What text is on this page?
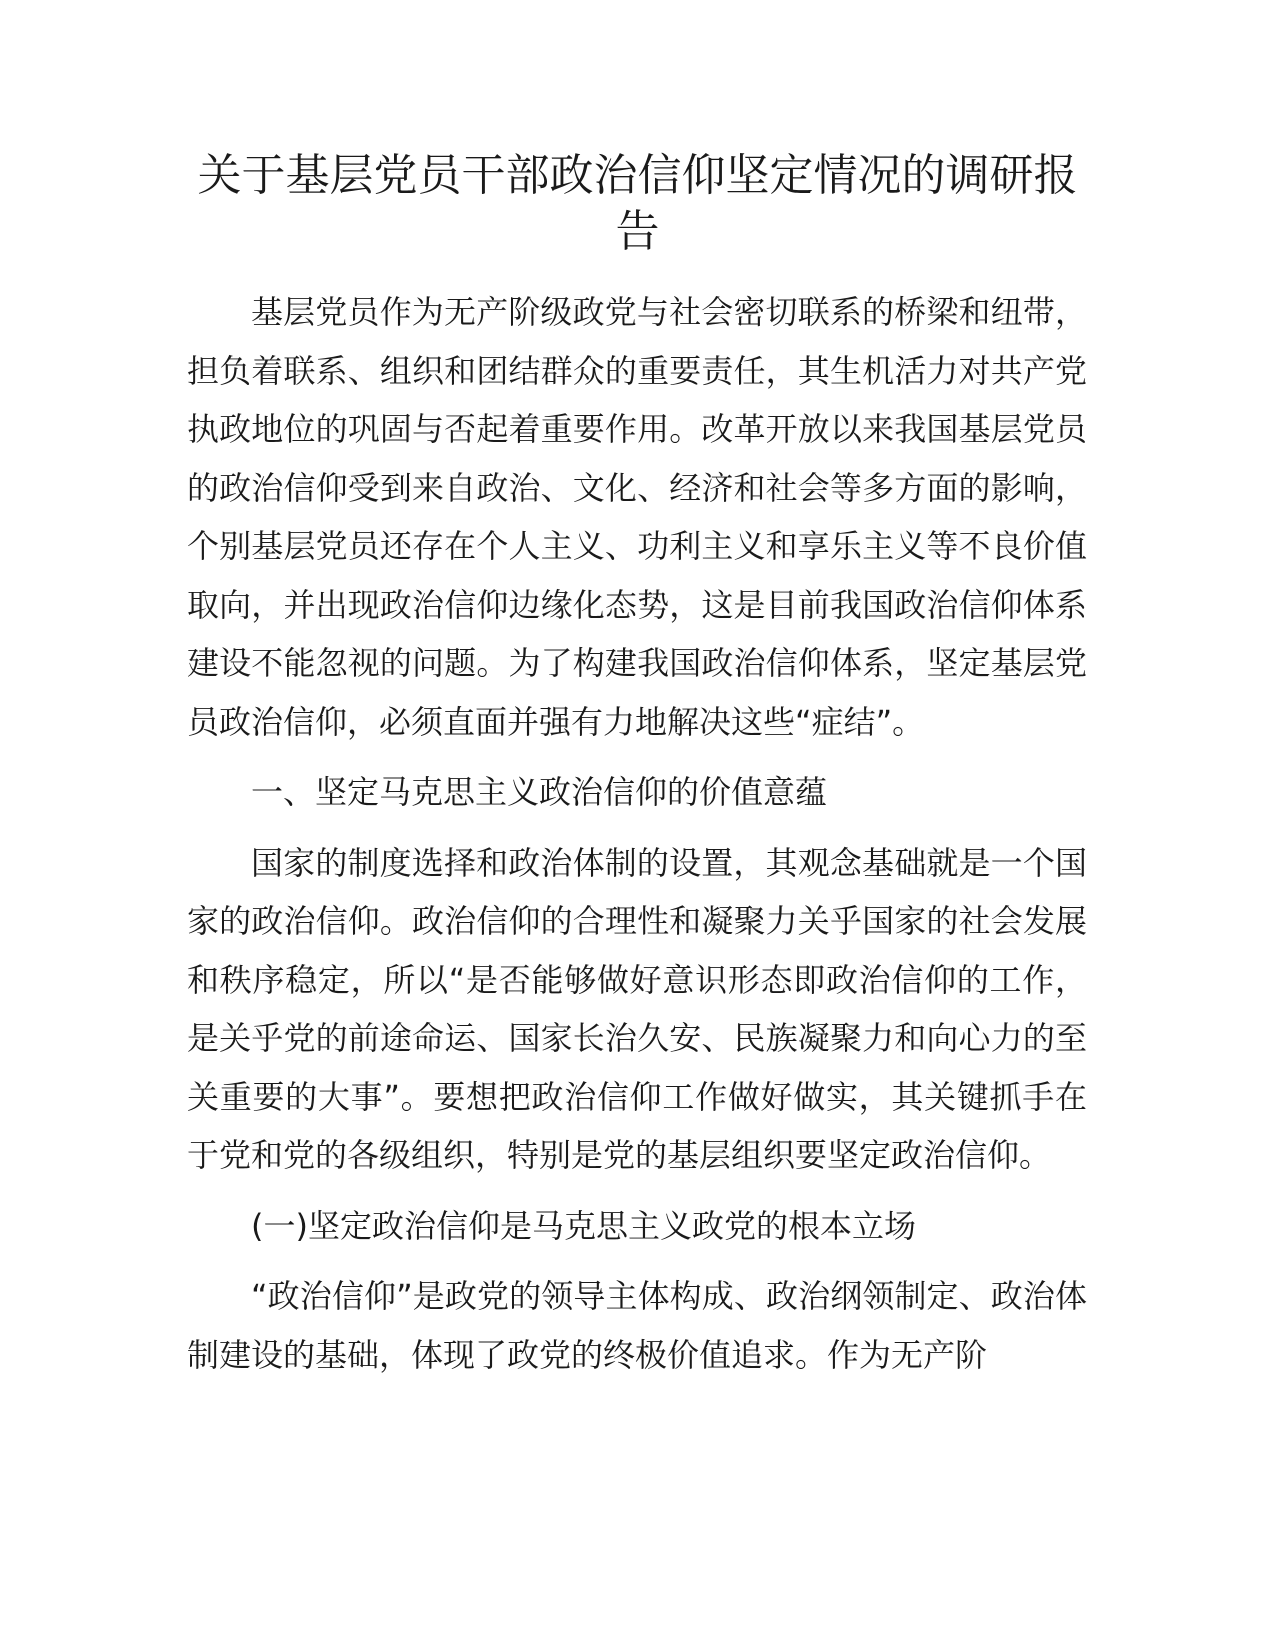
关于基层党员干部政治信仰坚定情况的调研报
告

基层党员作为无产阶级政党与社会密切联系的桥梁和纽带，担负着联系、组织和团结群众的重要责任，其生机活力对共产党执政地位的巩固与否起着重要作用。改革开放以来我国基层党员的政治信仰受到来自政治、文化、经济和社会等多方面的影响，个别基层党员还存在个人主义、功利主义和享乐主义等不良价值取向，并出现政治信仰边缘化态势，这是目前我国政治信仰体系建设不能忽视的问题。为了构建我国政治信仰体系，坚定基层党员政治信仰，必须直面并强有力地解决这些“症结”。

一、坚定马克思主义政治信仰的价值意蕴

国家的制度选择和政治体制的设置，其观念基础就是一个国家的政治信仰。政治信仰的合理性和凝聚力关乎国家的社会发展和秩序稳定，所以“是否能够做好意识形态即政治信仰的工作，是关乎党的前途命运、国家长治久安、民族凝聚力和向心力的至关重要的大事”。要想把政治信仰工作做好做实，其关键抓手在于党和党的各级组织，特别是党的基层组织要坚定政治信仰。

(一)坚定政治信仰是马克思主义政党的根本立场

“政治信仰”是政党的领导主体构成、政治纲领制定、政治体制建设的基础，体现了政党的终极价值追求。作为无产阶
